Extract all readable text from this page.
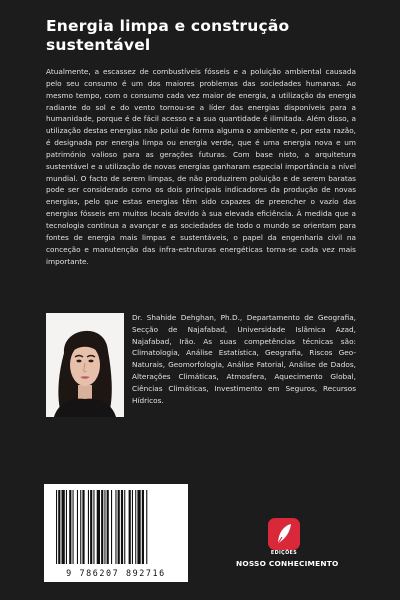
Energia limpa e construção sustentável
Atualmente, a escassez de combustíveis fósseis e a poluição ambiental causada pelo seu consumo é um dos maiores problemas das sociedades humanas. Ao mesmo tempo, com o consumo cada vez maior de energia, a utilização da energia radiante do sol e do vento tornou-se a líder das energias disponíveis para a humanidade, porque é de fácil acesso e a sua quantidade é ilimitada. Além disso, a utilização destas energias não polui de forma alguma o ambiente e, por esta razão, é designada por energia limpa ou energia verde, que é uma energia nova e um património valioso para as gerações futuras. Com base nisto, a arquitetura sustentável e a utilização de novas energias ganharam especial importância a nível mundial. O facto de serem limpas, de não produzirem poluição e de serem baratas pode ser considerado como os dois principais indicadores da produção de novas energias, pelo que estas energias têm sido capazes de preencher o vazio das energias fósseis em muitos locais devido à sua elevada eficiência. À medida que a tecnologia continua a avançar e as sociedades de todo o mundo se orientam para fontes de energia mais limpas e sustentáveis, o papel da engenharia civil na conceção e manutenção das infra-estruturas energéticas torna-se cada vez mais importante.
Dr. Shahide Dehghan, Ph.D., Departamento de Geografia, Secção de Najafabad, Universidade Islâmica Azad, Najafabad, Irão. As suas competências técnicas são: Climatologia, Análise Estatística, Geografia, Riscos Geo-Naturais, Geomorfologia, Análise Fatorial, Análise de Dados, Alterações Climáticas, Atmosfera, Aquecimento Global, Ciências Climáticas, Investimento em Seguros, Recursos Hídricos.
9 786207 892716
EDIÇÕES
NOSSO CONHECIMENTO
